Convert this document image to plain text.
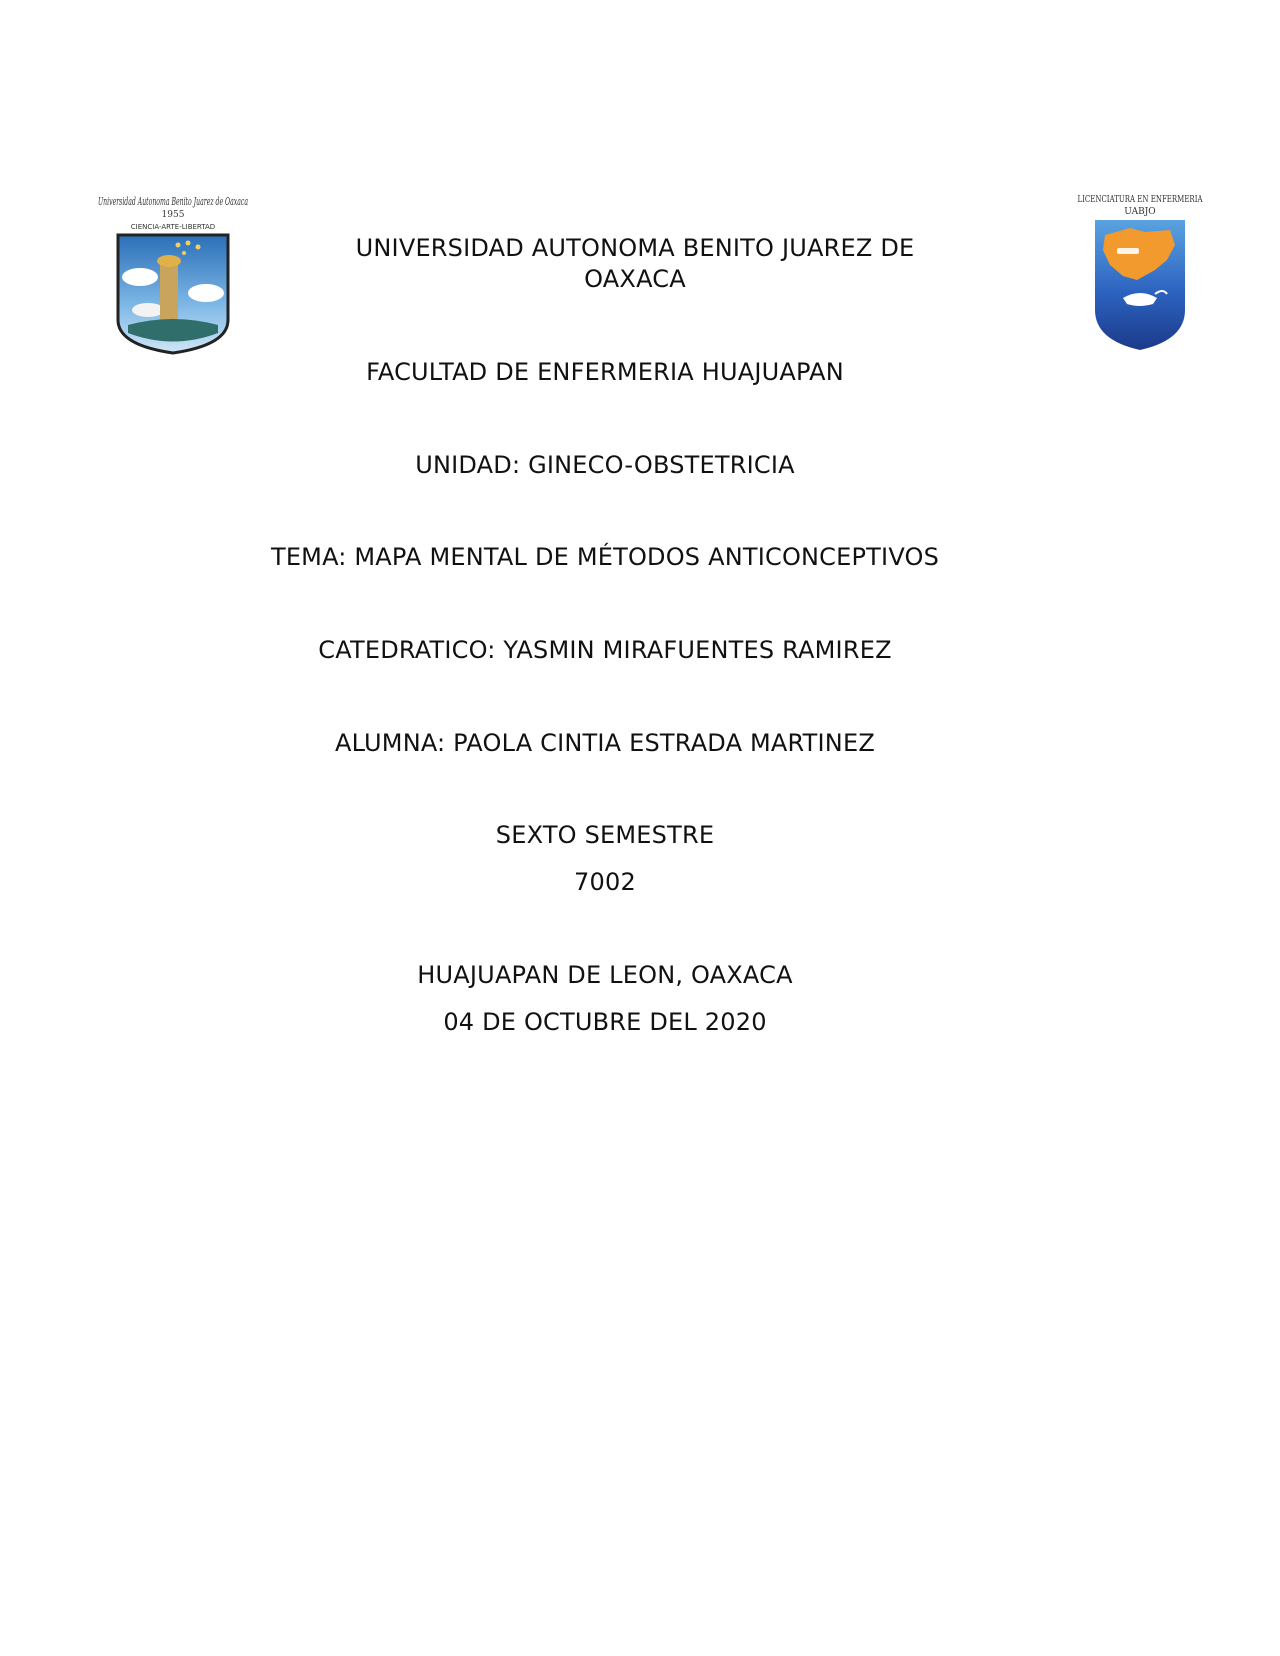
Universidad Autonoma Benito Juarez de Oaxaca
1955
CIENCIA-ARTE-LIBERTAD
LICENCIATURA EN ENFERMERIA
UABJO
UNIVERSIDAD AUTONOMA BENITO JUAREZ DE
OAXACA
FACULTAD DE ENFERMERIA HUAJUAPAN
UNIDAD: GINECO-OBSTETRICIA
TEMA: MAPA MENTAL DE MÉTODOS ANTICONCEPTIVOS
CATEDRATICO: YASMIN MIRAFUENTES RAMIREZ
ALUMNA: PAOLA CINTIA ESTRADA MARTINEZ
SEXTO SEMESTRE
7002
HUAJUAPAN DE LEON, OAXACA
04 DE OCTUBRE DEL 2020
